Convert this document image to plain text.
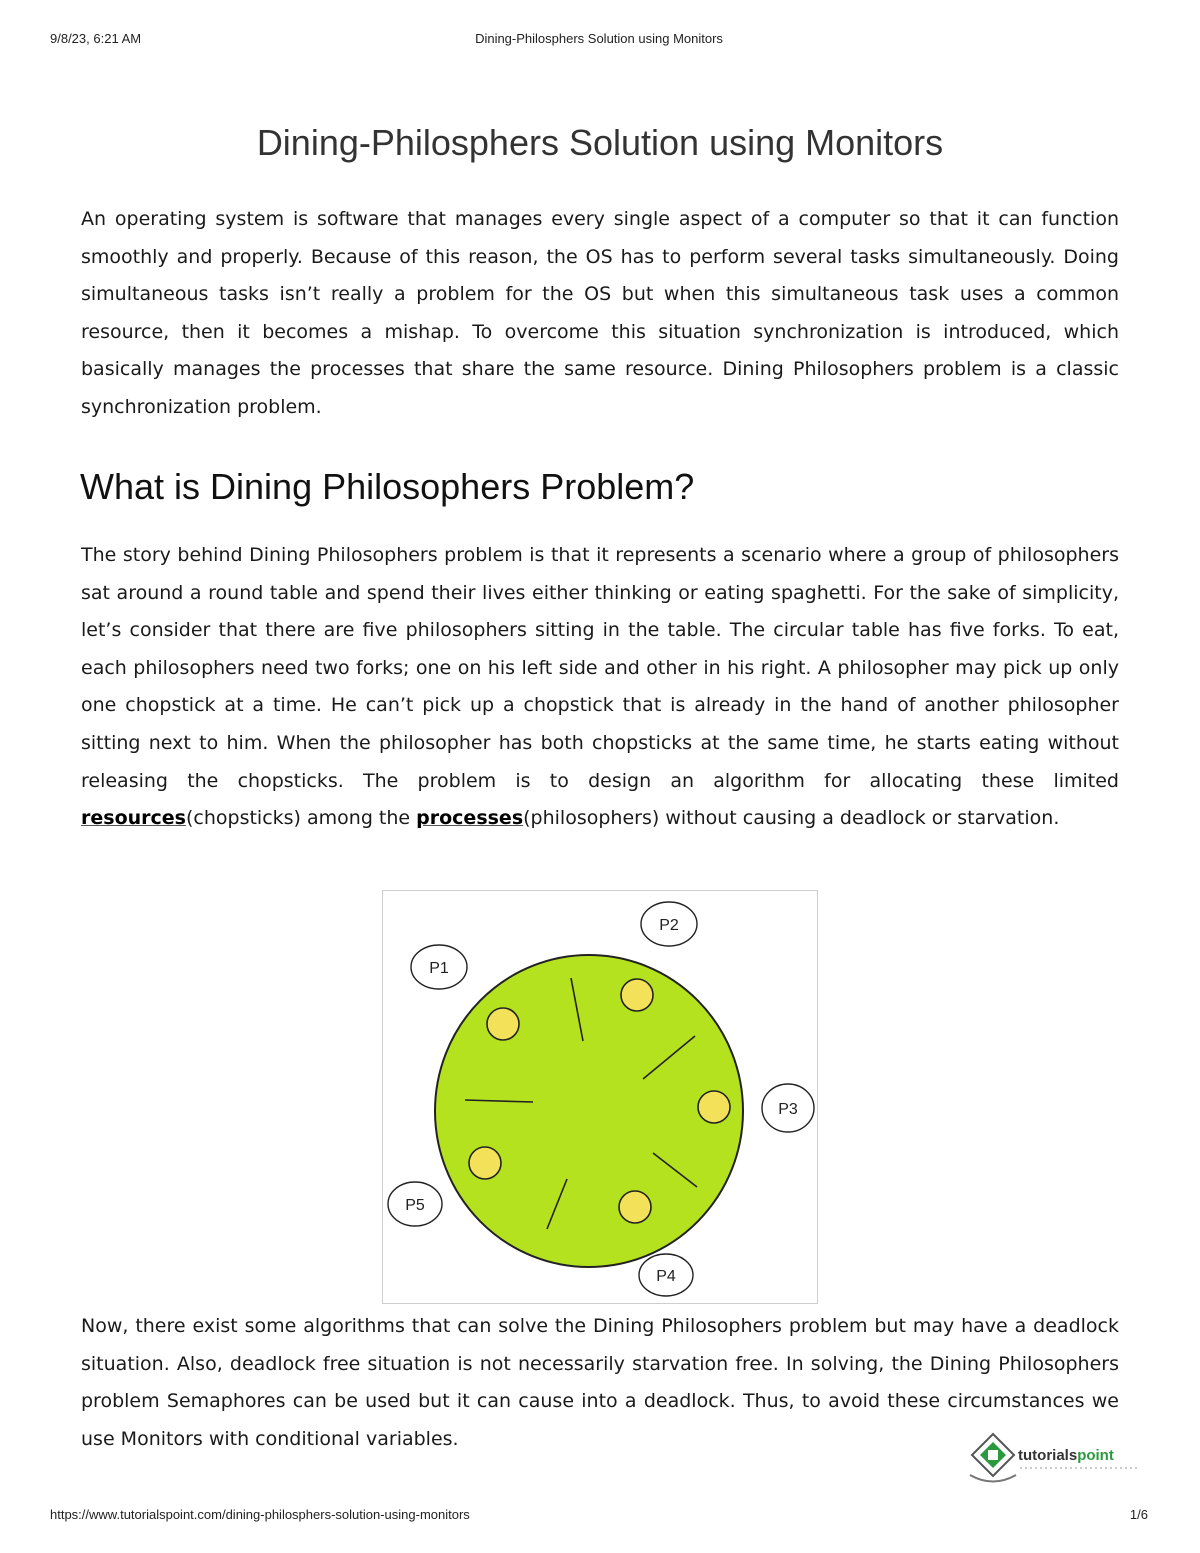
9/8/23, 6:21 AM	Dining-Philosphers Solution using Monitors
Dining-Philosphers Solution using Monitors

An operating system is software that manages every single aspect of a computer so that it can function smoothly and properly. Because of this reason, the OS has to perform several tasks simultaneously. Doing simultaneous tasks isn’t really a problem for the OS but when this simultaneous task uses a common resource, then it becomes a mishap. To overcome this situation synchronization is introduced, which basically manages the processes that share the same resource. Dining Philosophers problem is a classic synchronization problem.

What is Dining Philosophers Problem?

The story behind Dining Philosophers problem is that it represents a scenario where a group of philosophers sat around a round table and spend their lives either thinking or eating spaghetti. For the sake of simplicity, let’s consider that there are five philosophers sitting in the table. The circular table has five forks. To eat, each philosophers need two forks; one on his left side and other in his right. A philosopher may pick up only one chopstick at a time. He can’t pick up a chopstick that is already in the hand of another philosopher sitting next to him. When the philosopher has both chopsticks at the same time, he starts eating without releasing the chopsticks. The problem is to design an algorithm for allocating these limited resources(chopsticks) among the processes(philosophers) without causing a deadlock or starvation.

P1
P2
P3
P4
P5

Now, there exist some algorithms that can solve the Dining Philosophers problem but may have a deadlock situation. Also, deadlock free situation is not necessarily starvation free. In solving, the Dining Philosophers problem Semaphores can be used but it can cause into a deadlock. Thus, to avoid these circumstances we use Monitors with conditional variables.

tutorialspoint
https://www.tutorialspoint.com/dining-philosphers-solution-using-monitors	1/6
